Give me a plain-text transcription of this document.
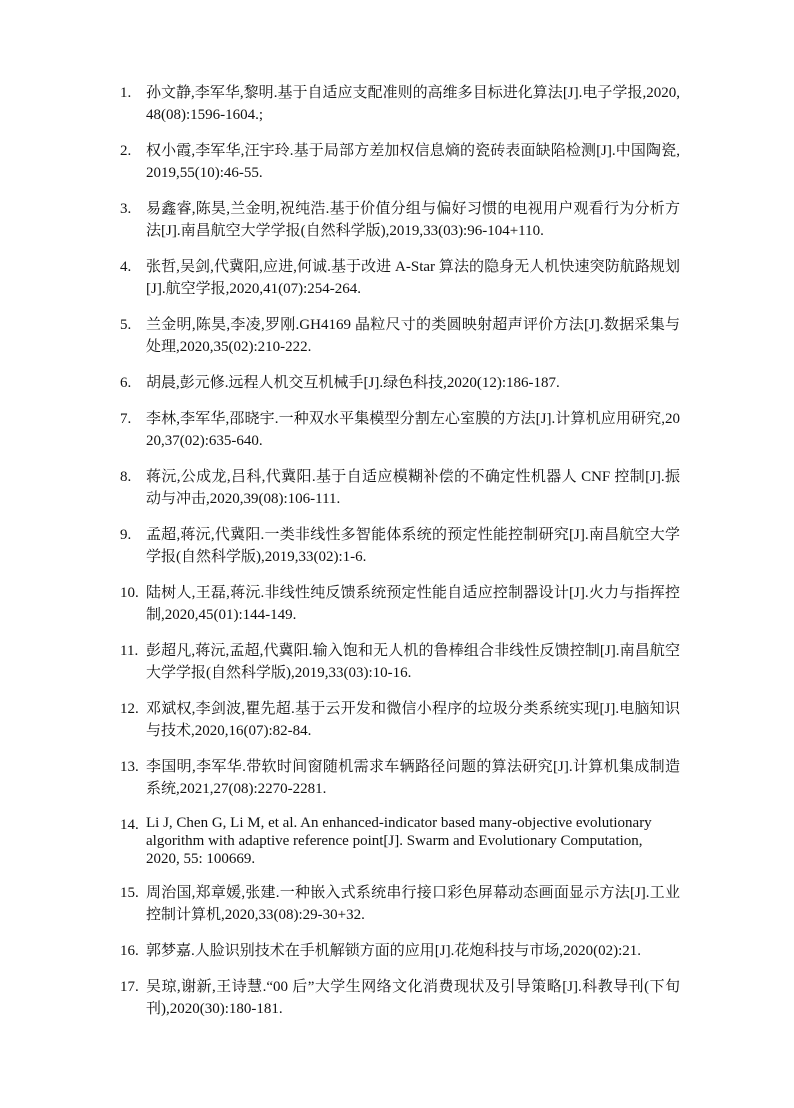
1. 孙文静,李军华,黎明.基于自适应支配准则的高维多目标进化算法[J].电子学报,2020,48(08):1596-1604.;
2. 权小霞,李军华,汪宇玲.基于局部方差加权信息熵的瓷砖表面缺陷检测[J].中国陶瓷,2019,55(10):46-55.
3. 易鑫睿,陈昊,兰金明,祝纯浩.基于价值分组与偏好习惯的电视用户观看行为分析方法[J].南昌航空大学学报(自然科学版),2019,33(03):96-104+110.
4. 张哲,吴剑,代冀阳,应进,何诚.基于改进 A-Star 算法的隐身无人机快速突防航路规划[J].航空学报,2020,41(07):254-264.
5. 兰金明,陈昊,李凌,罗刚.GH4169 晶粒尺寸的类圆映射超声评价方法[J].数据采集与处理,2020,35(02):210-222.
6. 胡晨,彭元修.远程人机交互机械手[J].绿色科技,2020(12):186-187.
7. 李林,李军华,邵晓宇.一种双水平集模型分割左心室膜的方法[J].计算机应用研究,2020,37(02):635-640.
8. 蒋沅,公成龙,吕科,代冀阳.基于自适应模糊补偿的不确定性机器人 CNF 控制[J].振动与冲击,2020,39(08):106-111.
9. 孟超,蒋沅,代冀阳.一类非线性多智能体系统的预定性能控制研究[J].南昌航空大学学报(自然科学版),2019,33(02):1-6.
10. 陆树人,王磊,蒋沅.非线性纯反馈系统预定性能自适应控制器设计[J].火力与指挥控制,2020,45(01):144-149.
11. 彭超凡,蒋沅,孟超,代冀阳.输入饱和无人机的鲁棒组合非线性反馈控制[J].南昌航空大学学报(自然科学版),2019,33(03):10-16.
12. 邓斌权,李剑波,瞿先超.基于云开发和微信小程序的垃圾分类系统实现[J].电脑知识与技术,2020,16(07):82-84.
13. 李国明,李军华.带软时间窗随机需求车辆路径问题的算法研究[J].计算机集成制造系统,2021,27(08):2270-2281.
14. Li J, Chen G, Li M, et al. An enhanced-indicator based many-objective evolutionary algorithm with adaptive reference point[J]. Swarm and Evolutionary Computation, 2020, 55: 100669.
15. 周治国,郑章媛,张建.一种嵌入式系统串行接口彩色屏幕动态画面显示方法[J].工业控制计算机,2020,33(08):29-30+32.
16. 郭梦嘉.人脸识别技术在手机解锁方面的应用[J].花炮科技与市场,2020(02):21.
17. 吴琼,谢新,王诗慧.“00 后”大学生网络文化消费现状及引导策略[J].科教导刊(下旬刊),2020(30):180-181.
